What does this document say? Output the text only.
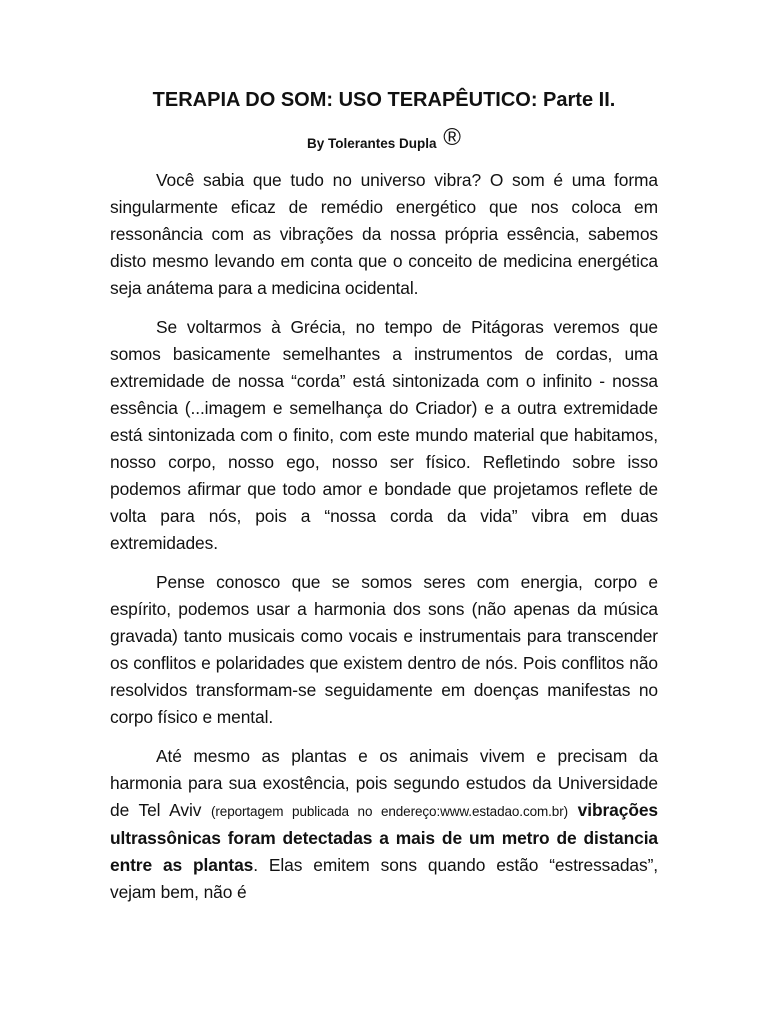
TERAPIA DO SOM: USO TERAPÊUTICO: Parte II.
By Tolerantes Dupla ®

Você sabia que tudo no universo vibra? O som é uma forma singularmente eficaz de remédio energético que nos coloca em ressonância com as vibrações da nossa própria essência, sabemos disto mesmo levando em conta que o conceito de medicina energética seja anátema para a medicina ocidental.

Se voltarmos à Grécia, no tempo de Pitágoras veremos que somos basicamente semelhantes a instrumentos de cordas, uma extremidade de nossa “corda” está sintonizada com o infinito - nossa essência (...imagem e semelhança do Criador) e a outra extremidade está sintonizada com o finito, com este mundo material que habitamos, nosso corpo, nosso ego, nosso ser físico. Refletindo sobre isso podemos afirmar que todo amor e bondade que projetamos reflete de volta para nós, pois a “nossa corda da vida” vibra em duas extremidades.

Pense conosco que se somos seres com energia, corpo e espírito, podemos usar a harmonia dos sons (não apenas da música gravada) tanto musicais como vocais e instrumentais para transcender os conflitos e polaridades que existem dentro de nós. Pois conflitos não resolvidos transformam-se seguidamente em doenças manifestas no corpo físico e mental.

Até mesmo as plantas e os animais vivem e precisam da harmonia para sua exostência, pois segundo estudos da Universidade de Tel Aviv (reportagem publicada no endereço:www.estadao.com.br) vibrações ultrassônicas foram detectadas a mais de um metro de distancia entre as plantas. Elas emitem sons quando estão “estressadas”, vejam bem, não é
